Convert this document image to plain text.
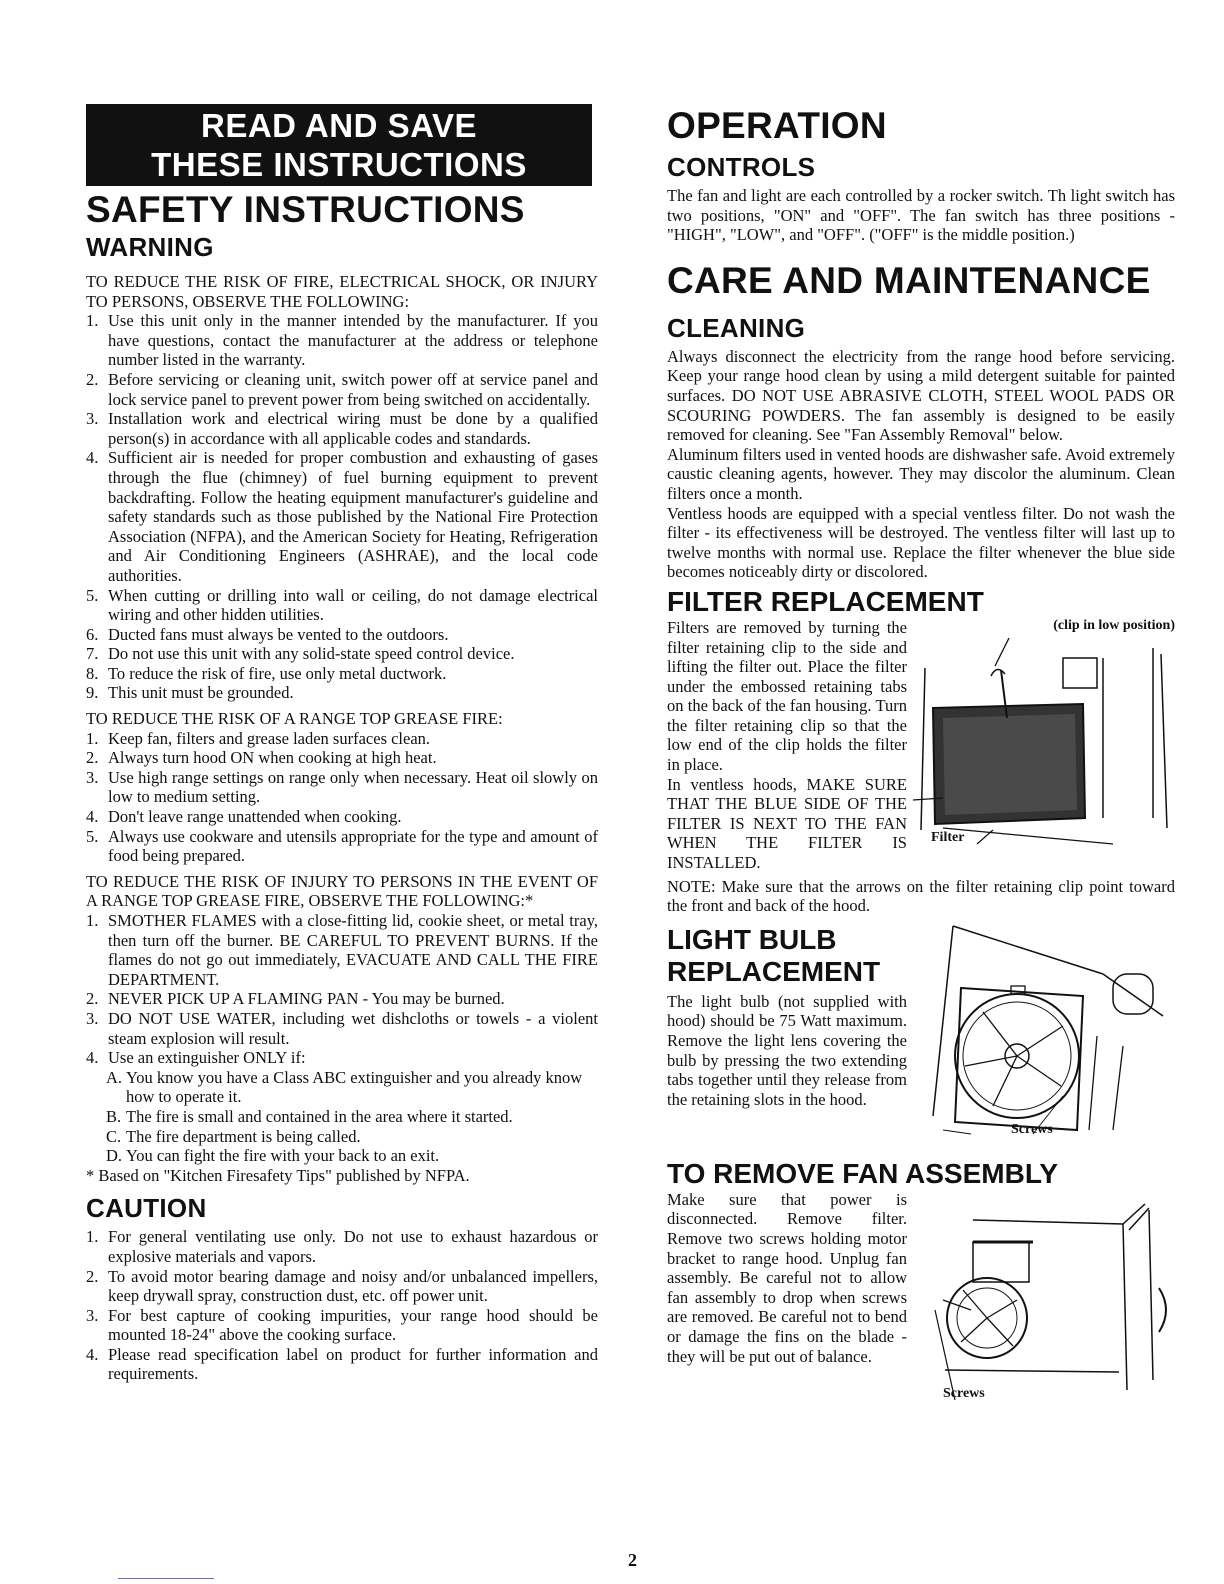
READ AND SAVE
THESE INSTRUCTIONS
SAFETY INSTRUCTIONS
WARNING

TO REDUCE THE RISK OF FIRE, ELECTRICAL SHOCK, OR INJURY TO PERSONS, OBSERVE THE FOLLOWING:

1. Use this unit only in the manner intended by the manufacturer. If you have questions, contact the manufacturer at the address or telephone number listed in the warranty.
2. Before servicing or cleaning unit, switch power off at service panel and lock service panel to prevent power from being switched on accidentally.
3. Installation work and electrical wiring must be done by a qualified person(s) in accordance with all applicable codes and standards.
4. Sufficient air is needed for proper combustion and exhausting of gases through the flue (chimney) of fuel burning equipment to prevent backdrafting. Follow the heating equipment manufacturer's guideline and safety standards such as those published by the National Fire Protection Association (NFPA), and the American Society for Heating, Refrigeration and Air Conditioning Engineers (ASHRAE), and the local code authorities.
5. When cutting or drilling into wall or ceiling, do not damage electrical wiring and other hidden utilities.
6. Ducted fans must always be vented to the outdoors.
7. Do not use this unit with any solid-state speed control device.
8. To reduce the risk of fire, use only metal ductwork.
9. This unit must be grounded.

TO REDUCE THE RISK OF A RANGE TOP GREASE FIRE:

1. Keep fan, filters and grease laden surfaces clean.
2. Always turn hood ON when cooking at high heat.
3. Use high range settings on range only when necessary. Heat oil slowly on low to medium setting.
4. Don't leave range unattended when cooking.
5. Always use cookware and utensils appropriate for the type and amount of food being prepared.

TO REDUCE THE RISK OF INJURY TO PERSONS IN THE EVENT OF A RANGE TOP GREASE FIRE, OBSERVE THE FOLLOWING:*

1. SMOTHER FLAMES with a close-fitting lid, cookie sheet, or metal tray, then turn off the burner. BE CAREFUL TO PREVENT BURNS. If the flames do not go out immediately, EVACUATE AND CALL THE FIRE DEPARTMENT.
2. NEVER PICK UP A FLAMING PAN - You may be burned.
3. DO NOT USE WATER, including wet dishcloths or towels - a violent steam explosion will result.
4. Use an extinguisher ONLY if:
A. You know you have a Class ABC extinguisher and you already know how to operate it.
B. The fire is small and contained in the area where it started.
C. The fire department is being called.
D. You can fight the fire with your back to an exit.

* Based on "Kitchen Firesafety Tips" published by NFPA.

CAUTION
1. For general ventilating use only. Do not use to exhaust hazardous or explosive materials and vapors.
2. To avoid motor bearing damage and noisy and/or unbalanced impellers, keep drywall spray, construction dust, etc. off power unit.
3. For best capture of cooking impurities, your range hood should be mounted 18-24" above the cooking surface.
4. Please read specification label on product for further information and requirements.
OPERATION
CONTROLS

The fan and light are each controlled by a rocker switch. Th light switch has two positions, "ON" and "OFF". The fan switch has three positions - "HIGH", "LOW", and "OFF". ("OFF" is the middle position.)

CARE AND MAINTENANCE
CLEANING

Always disconnect the electricity from the range hood before servicing. Keep your range hood clean by using a mild detergent suitable for painted surfaces. DO NOT USE ABRASIVE CLOTH, STEEL WOOL PADS OR SCOURING POWDERS. The fan assembly is designed to be easily removed for cleaning. See "Fan Assembly Removal" below.

Aluminum filters used in vented hoods are dishwasher safe. Avoid extremely caustic cleaning agents, however. They may discolor the aluminum. Clean filters once a month.

Ventless hoods are equipped with a special ventless filter. Do not wash the filter - its effectiveness will be destroyed. The ventless filter will last up to twelve months with normal use. Replace the filter whenever the blue side becomes noticeably dirty or discolored.

FILTER REPLACEMENT
(clip in low position)
Filter

Filters are removed by turning the filter retaining clip to the side and lifting the filter out. Place the filter under the embossed retaining tabs on the back of the fan housing. Turn the filter retaining clip so that the low end of the clip holds the filter in place.

In ventless hoods, MAKE SURE THAT THE BLUE SIDE OF THE FILTER IS NEXT TO THE FAN WHEN THE FILTER IS INSTALLED.

NOTE: Make sure that the arrows on the filter retaining clip point toward the front and back of the hood.

Screws
LIGHT BULB
REPLACEMENT

The light bulb (not supplied with hood) should be 75 Watt maximum. Remove the light lens covering the bulb by pressing the two extending tabs together until they release from the retaining slots in the hood.

TO REMOVE FAN ASSEMBLY
Screws

Make sure that power is disconnected. Remove filter. Remove two screws holding motor bracket to range hood. Unplug fan assembly. Be careful not to allow fan assembly to drop when screws are removed. Be careful not to bend or damage the fins on the blade - they will be put out of balance.

2
